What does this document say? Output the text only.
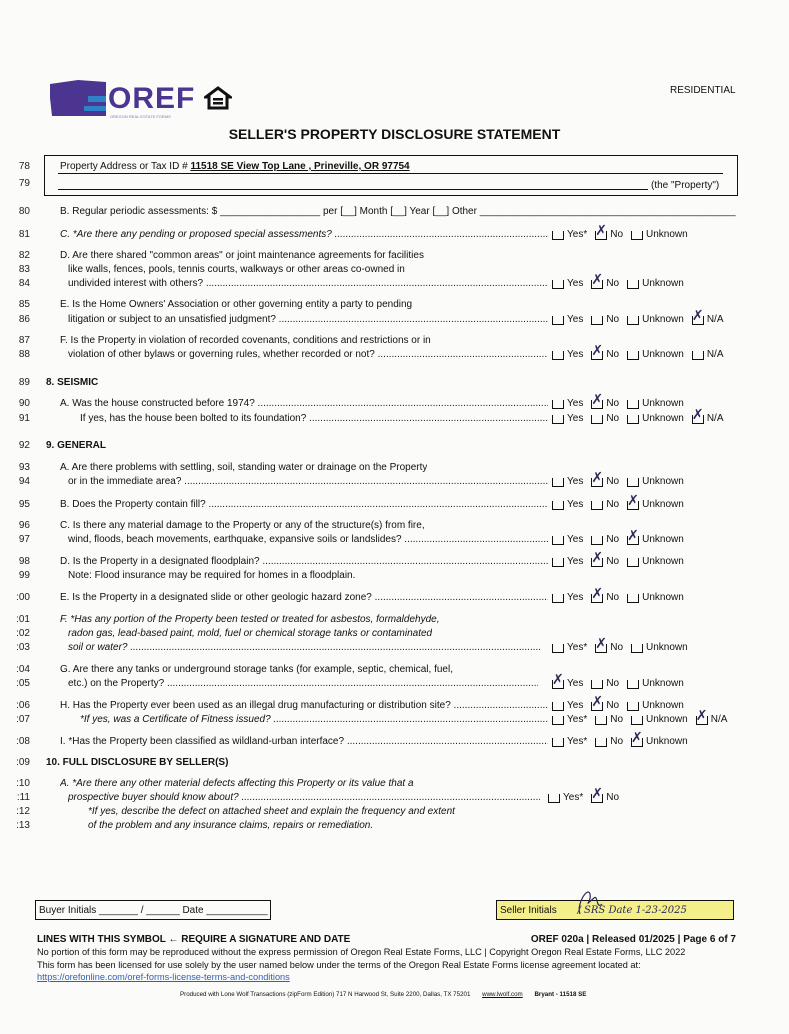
OREF
OREGON REAL ESTATE FORMS
RESIDENTIAL
SELLER'S PROPERTY DISCLOSURE STATEMENT
78
79
Property Address or Tax ID # 11518 SE View Top Lane , Prineville, OR 97754
(the "Property")
80
81
82
83
84
85
86
87
88
89
90
91
92
93
94
95
96
97
98
99
:00
:01
:02
:03
:04
:05
:06
:07
:08
:09
:10
:11
:12
:13
B. Regular periodic assessments: $ __________________ per [__] Month [__] Year [__] Other ______________________________________________
C. *Are there any pending or proposed special assessments? .....
D. Are there shared "common areas" or joint maintenance agreements for facilities
like walls, fences, pools, tennis courts, walkways or other areas co-owned in
undivided interest with others? .....
E. Is the Home Owners' Association or other governing entity a party to pending
litigation or subject to an unsatisfied judgment? .....
F. Is the Property in violation of recorded covenants, conditions and restrictions or in
violation of other bylaws or governing rules, whether recorded or not? .....
8. SEISMIC
A. Was the house constructed before 1974? .....
If yes, has the house been bolted to its foundation? .....
9. GENERAL
A. Are there problems with settling, soil, standing water or drainage on the Property
or in the immediate area? .....
B. Does the Property contain fill? .....
C. Is there any material damage to the Property or any of the structure(s) from fire,
wind, floods, beach movements, earthquake, expansive soils or landslides? .....
D. Is the Property in a designated floodplain? .....
Note: Flood insurance may be required for homes in a floodplain.
E. Is the Property in a designated slide or other geologic hazard zone? .....
F. *Has any portion of the Property been tested or treated for asbestos, formaldehyde,
radon gas, lead-based paint, mold, fuel or chemical storage tanks or contaminated
soil or water? .....
G. Are there any tanks or underground storage tanks (for example, septic, chemical, fuel,
etc.) on the Property? .....
H. Has the Property ever been used as an illegal drug manufacturing or distribution site? .....
*If yes, was a Certificate of Fitness issued? .....
I. *Has the Property been classified as wildland-urban interface? .....
10. FULL DISCLOSURE BY SELLER(S)
A. *Are there any other material defects affecting this Property or its value that a
prospective buyer should know about? .....
*If yes, describe the defect on attached sheet and explain the frequency and extent
of the problem and any insurance claims, repairs or remediation.
Yes* ✗ No Unknown
Yes ✗ No Unknown
Yes No Unknown ✗ N/A
Yes ✗ No Unknown N/A
Yes ✗ No Unknown
Yes No Unknown ✗ N/A
Yes ✗ No Unknown
Yes No ✗ Unknown
Yes No ✗ Unknown
Yes ✗ No Unknown
Yes ✗ No Unknown
Yes* ✗ No Unknown
✗
Yes No Unknown
Yes ✗ No Unknown
Yes* No Unknown ✗ N/A
Yes* No ✗ Unknown
Yes* ✗ No
Buyer Initials _______ / ______ Date ___________	Seller Initials / SRS Date 1-23-2025
LINES WITH THIS SYMBOL ← REQUIRE A SIGNATURE AND DATE	OREF 020a | Released 01/2025 | Page 6 of 7
No portion of this form may be reproduced without the express permission of Oregon Real Estate Forms, LLC | Copyright Oregon Real Estate Forms, LLC 2022
This form has been licensed for use solely by the user named below under the terms of the Oregon Real Estate Forms license agreement located at:
https://orefonline.com/oref-forms-license-terms-and-conditions
Produced with Lone Wolf Transactions (zipForm Edition) 717 N Harwood St, Suite 2200, Dallas, TX 75201 www.lwolf.com Bryant - 11518 SE
